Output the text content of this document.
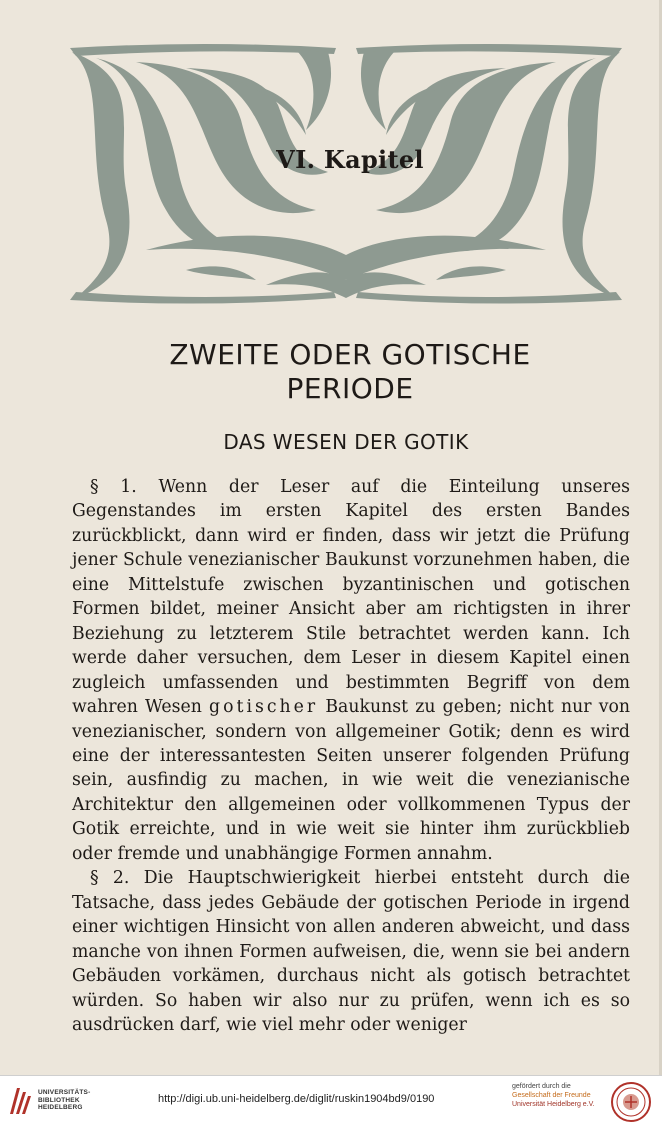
VI. Kapitel
ZWEITE ODER GOTISCHE
PERIODE
DAS WESEN DER GOTIK

§ 1. Wenn der Leser auf die Einteilung unseres Gegenstandes im ersten Kapitel des ersten Bandes zurückblickt, dann wird er finden, dass wir jetzt die Prüfung jener Schule venezianischer Baukunst vorzunehmen haben, die eine Mittelstufe zwischen byzantinischen und gotischen Formen bildet, meiner Ansicht aber am richtigsten in ihrer Beziehung zu letzterem Stile betrachtet werden kann. Ich werde daher versuchen, dem Leser in diesem Kapitel einen zugleich umfassenden und bestimmten Begriff von dem wahren Wesen gotischer Baukunst zu geben; nicht nur von venezianischer, sondern von allgemeiner Gotik; denn es wird eine der interessantesten Seiten unserer folgenden Prüfung sein, ausfindig zu machen, in wie weit die venezianische Architektur den allgemeinen oder vollkommenen Typus der Gotik erreichte, und in wie weit sie hinter ihm zurückblieb oder fremde und unabhängige Formen annahm.

§ 2. Die Hauptschwierigkeit hierbei entsteht durch die Tatsache, dass jedes Gebäude der gotischen Periode in irgend einer wichtigen Hinsicht von allen anderen abweicht, und dass manche von ihnen Formen aufweisen, die, wenn sie bei andern Gebäuden vorkämen, durchaus nicht als gotisch betrachtet würden. So haben wir also nur zu prüfen, wenn ich es so ausdrücken darf, wie viel mehr oder weniger

UNIVERSITÄTS-
BIBLIOTHEK
HEIDELBERG
http://digi.ub.uni-heidelberg.de/diglit/ruskin1904bd9/0190
gefördert durch die
Gesellschaft der Freunde
Universität Heidelberg e.V.
